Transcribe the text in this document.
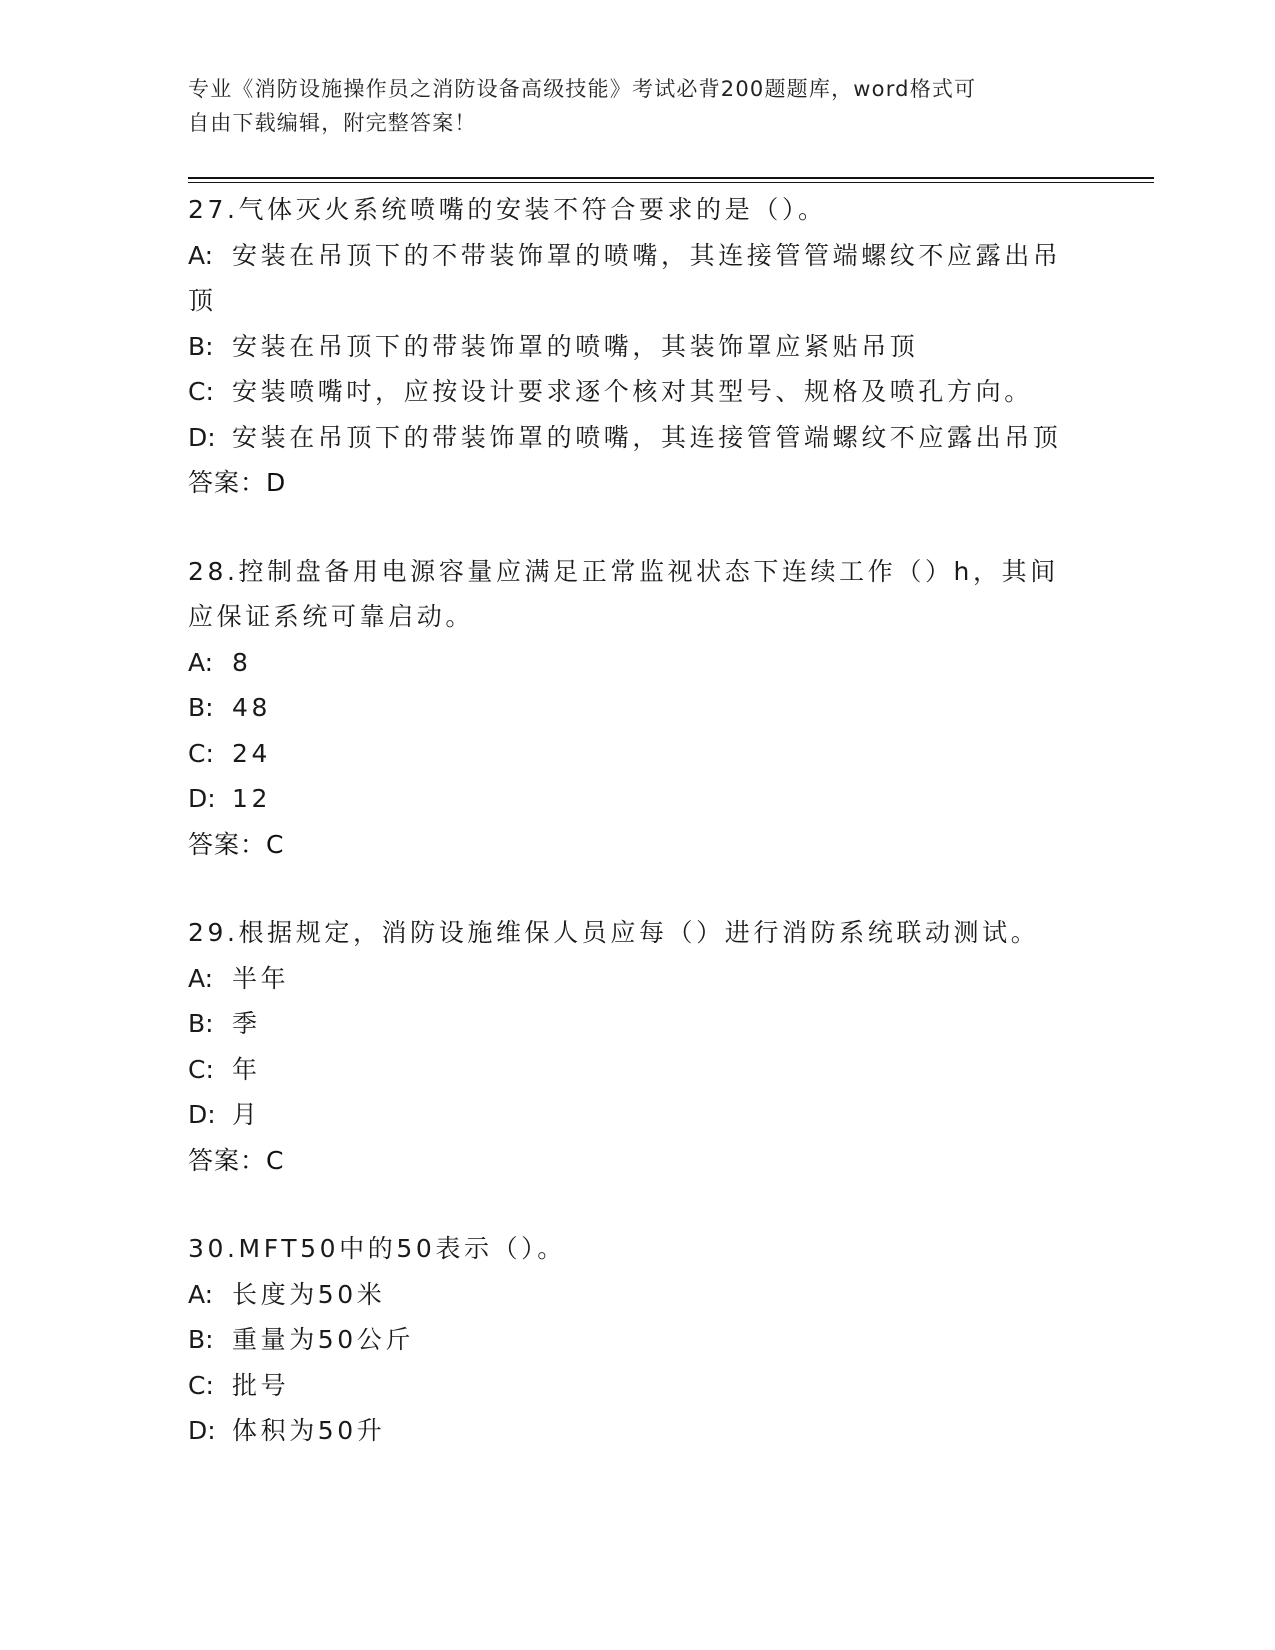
专业《消防设施操作员之消防设备高级技能》考试必背200题题库，word格式可
自由下载编辑，附完整答案！
27.气体灭火系统喷嘴的安装不符合要求的是（）。
A: 安装在吊顶下的不带装饰罩的喷嘴，其连接管管端螺纹不应露出吊
顶
B: 安装在吊顶下的带装饰罩的喷嘴，其装饰罩应紧贴吊顶
C: 安装喷嘴吋，应按设计要求逐个核对其型号、规格及喷孔方向。
D: 安装在吊顶下的带装饰罩的喷嘴，其连接管管端螺纹不应露出吊顶
答案：D
28.控制盘备用电源容量应满足正常监视状态下连续工作（）h，其间
应保证系统可靠启动。
A: 8
B: 48
C: 24
D: 12
答案：C
29.根据规定，消防设施维保人员应每（）进行消防系统联动测试。
A: 半年
B: 季
C: 年
D: 月
答案：C
30.MFT50中的50表示（）。
A: 长度为50米
B: 重量为50公斤
C: 批号
D: 体积为50升
